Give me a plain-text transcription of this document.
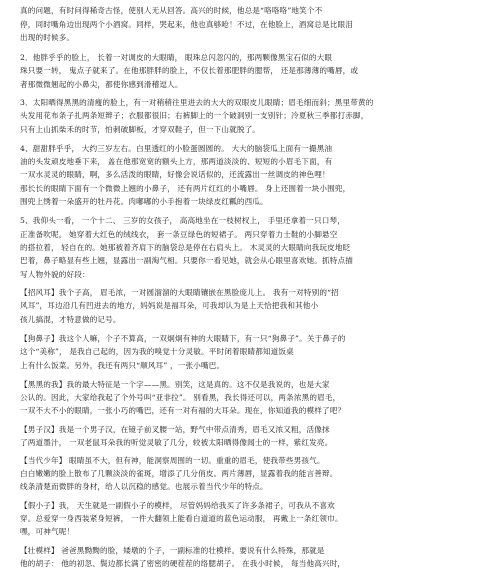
真的问题，有时问得稀奇古怪，使别人无从回答。高兴的时候，他总是“咯咯咯”地笑个不
停，同时嘴角边出现两个小酒窝。同样，哭起来，他也真够呛！不过，在他脸上，酒窝总是比眼泪
出现的时候多。
2．他胖乎乎的脸上， 长着一对调皮的大眼睛， 眼珠总闪忽闪的，那两颗像黑宝石似的大眼
珠只要一转， 鬼点子就来了。在他那胖胖的脸上，不仅长着那肥胖的腮帮， 还是那薄薄的嘴唇，或
者那微微翘起的小鼻尖，都使你感到滑稽逗人。
3．太阳晒得黑黑的清瘦的脸上，有一对稍稍往里进去的大大的双眼皮儿眼睛；眉毛细而斜；黑里带黄的
头发用花布条子扎两条短辫子；衣服都很旧；右裤脚上的一个破洞别一支别针；冷夏秋三季都打赤脚，
只有上山抓柴禾的时节，怕刺破脚板，才穿双鞋子，但一下山就脱了。
4、甜甜胖乎乎， 大约三岁左右。白里透红的小脸蛋圆圆的。 大大的脑袋瓜上面有一撮黑油
油的头发顽皮地垂下来， 盖在他那宽宽的额头上方，那两道淡淡的、短短的小眉毛下面，有
一双水灵灵的眼睛，啊，多么活泼的眼睛，好像会说话似的，还流露出一丝调皮的神色哩！
那长长的眼睛下面有一个微微上翘的小鼻子， 还有两片红红的小嘴唇。 身上还围着一块小围兜，
围兜上绣着一朵盛开的牡丹花。肉嘟嘟的小手抱着一块绿皮红瓤的西瓜。
5、我仰头一看， 一个十二、 三岁的女孩子， 高高地坐在一枝树杈上， 手里还拿着一只口琴，
正准备吹呢。 她穿着大红色的绒线衣， 套一条豆绿色的短裙子。 两只穿着力士鞋的小脚悬空
的搭拉着， 轻自在的。她那被着齐肩下的脑袋总是停在右肩头上。 木灵灵的大眼睛向我玩皮地眨
巴着，鼻子略显有些上翘，显露出一副淘气相。只要你一看见她，就会从心眼里喜欢她。抓特点描
写人物外貌的好段：
【招风耳】我个子高， 眉毛浓，一对圆溜溜的大眼睛镶嵌在黑脸庞儿上。 我有一对特别的“招
风耳”，耳边沿几有凹进去的地方，妈妈说是福耳朵，可我却认为是上天恰把我和其他小
孩儿搞混，才特意做的记号。
【狗鼻子】我这个人嘛，个子不算高，一双炯炯有神的大眼睛下，有一只“狗鼻子”。关于鼻子的
这个“美称”， 是我自己起的，因为我的嗅觉十分灵敏。平时闭着眼睛都知道饭桌
上有什么饭菜。另外，我还有两只“顺风耳” ，一张小嘴巴。
【黑黑的我】我的最大特征是一个字——黑。别笑，这是真的。这不仅是我说的，也是大家
公认的。因此，大家给我起了个外号叫“亚非拉”。 别看黑，我长得还可以，两条浓黑的眉毛，
一双不大不小的眼睛，一张小巧的嘴巴，还有一对有福的大耳朵。现在，你知道我的模样了吧？
【男子汉】我是一个男子汉，在镜子前叉腰一站，野气中带点清秀，眉毛又浓又粗，活像抹
了两道墨汁， 一双老鼠耳朵我的听觉灵敏了几分，较被太阳晒得像闻士的一样，紫红发亮。
【当代少年】 眼睛虽不大，但有神，能洞察周围的一切。重重的眉毛，使我带些男孩气。
白白嫩嫩的脸上散布了几颗淡淡的雀斑，增添了几分俏皮。两片薄唇，显露着我的能言善辩。
线条清楚而微胖的身材，给人以沉稳的感觉。也展示着当代少年的特点。
【假小子】我， 天生就是一副假小子的模样， 尽管妈妈给我买了许多条裙子，可我从不喜欢
穿。总爱穿一身西装紧身短裤， 一件大翻领上能看白道道的蓝色运动服， 再戴上一条红领巾。
嘿，可神气呢！
【壮模样】 爸爸黑黝黝的脸，矮墩的个子，一副标准的壮模样。要说有什么特殊，那就是
他的胡子： 他的初忽、鬓边都长满了密密的硬茬茬的络腮胡子。 在我小时候， 每当他高兴时，
